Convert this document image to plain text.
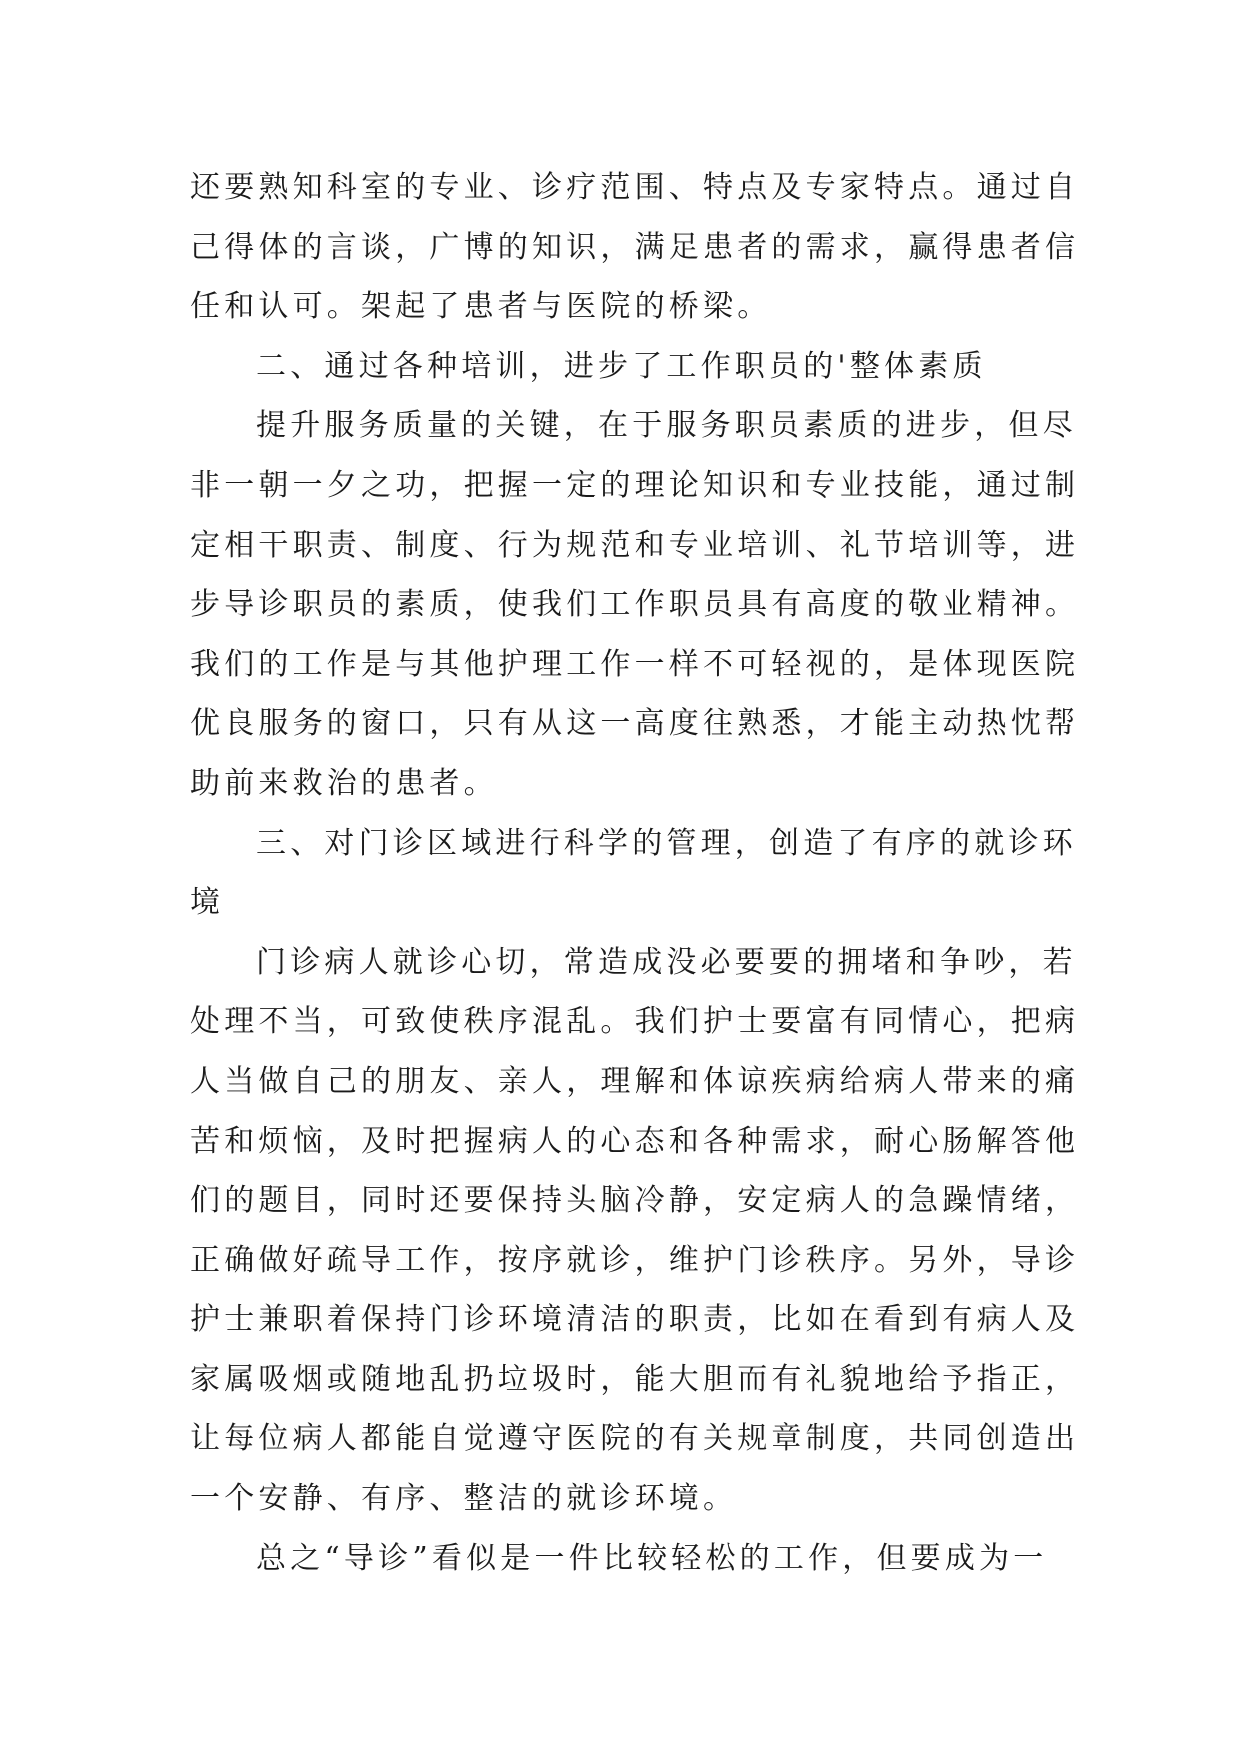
还要熟知科室的专业、诊疗范围、特点及专家特点。通过自
己得体的言谈，广博的知识，满足患者的需求，赢得患者信
任和认可。架起了患者与医院的桥梁。
二、通过各种培训，进步了工作职员的'整体素质
提升服务质量的关键，在于服务职员素质的进步，但尽
非一朝一夕之功，把握一定的理论知识和专业技能，通过制
定相干职责、制度、行为规范和专业培训、礼节培训等，进
步导诊职员的素质，使我们工作职员具有高度的敬业精神。
我们的工作是与其他护理工作一样不可轻视的，是体现医院
优良服务的窗口，只有从这一高度往熟悉，才能主动热忱帮
助前来救治的患者。
三、对门诊区域进行科学的管理，创造了有序的就诊环
境
门诊病人就诊心切，常造成没必要要的拥堵和争吵，若
处理不当，可致使秩序混乱。我们护士要富有同情心，把病
人当做自己的朋友、亲人，理解和体谅疾病给病人带来的痛
苦和烦恼，及时把握病人的心态和各种需求，耐心肠解答他
们的题目，同时还要保持头脑冷静，安定病人的急躁情绪，
正确做好疏导工作，按序就诊，维护门诊秩序。另外，导诊
护士兼职着保持门诊环境清洁的职责，比如在看到有病人及
家属吸烟或随地乱扔垃圾时，能大胆而有礼貌地给予指正，
让每位病人都能自觉遵守医院的有关规章制度，共同创造出
一个安静、有序、整洁的就诊环境。
总之“导诊”看似是一件比较轻松的工作，但要成为一
